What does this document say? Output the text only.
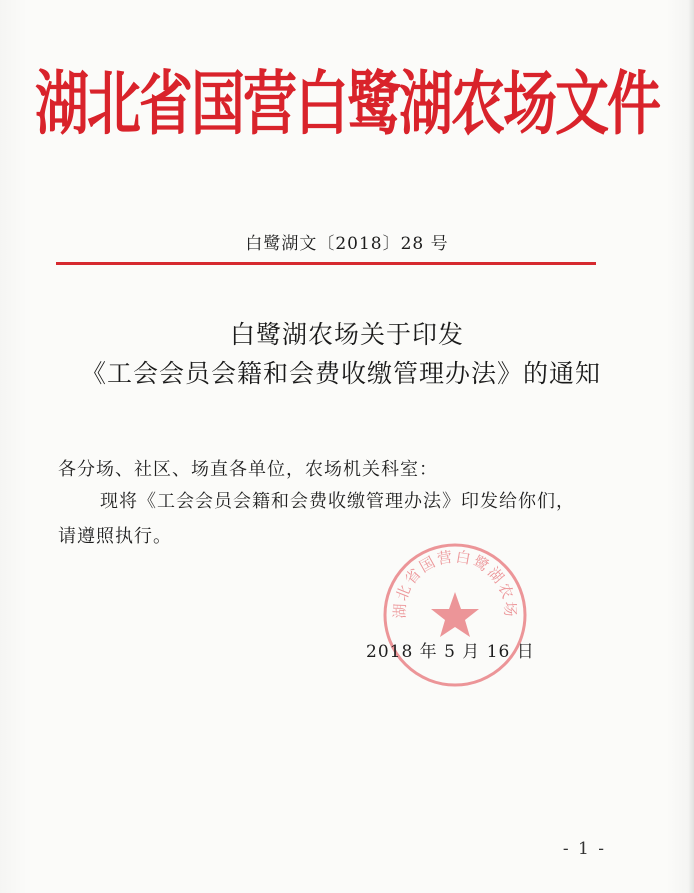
湖北省国营白鹭湖农场文件
白鹭湖文〔2018〕28 号
白鹭湖农场关于印发
《工会会员会籍和会费收缴管理办法》的通知
各分场、社区、场直各单位，农场机关科室：
现将《工会会员会籍和会费收缴管理办法》印发给你们，
请遵照执行。
湖北省国营白鹭湖农场
2018 年 5 月 16 日
- 1 -
